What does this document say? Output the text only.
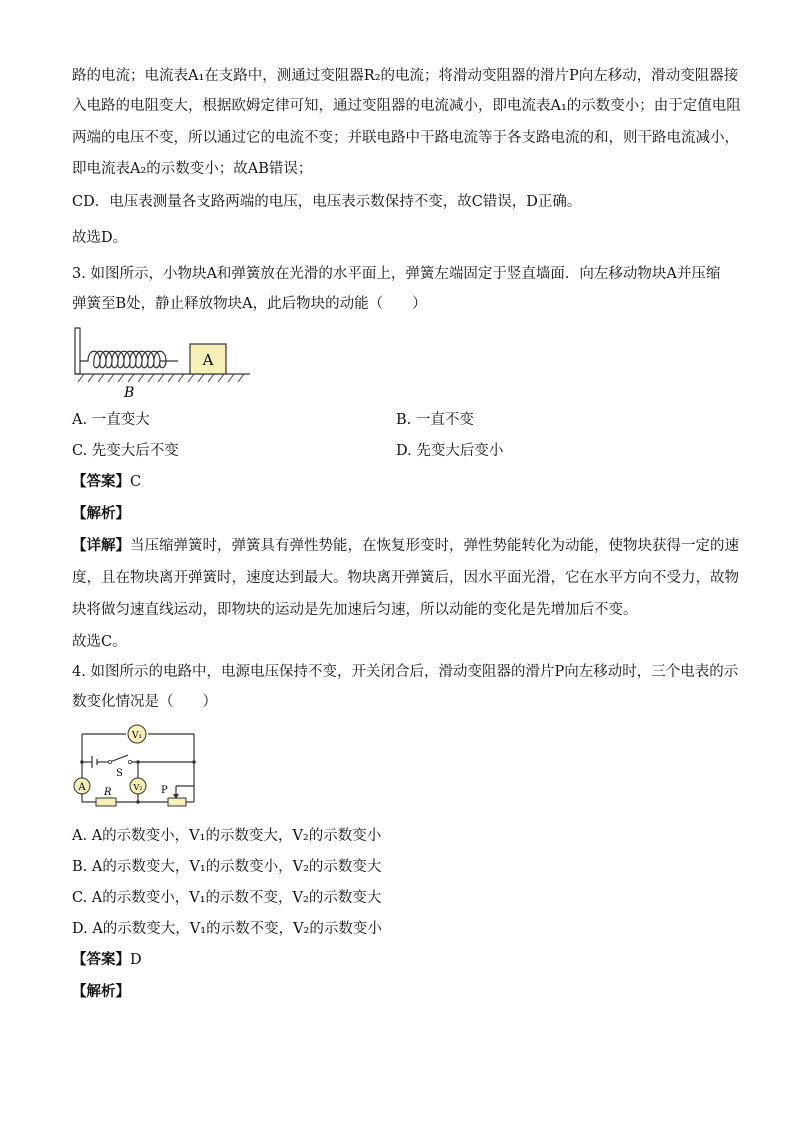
路的电流；电流表A₁在支路中，测通过变阻器R₂的电流；将滑动变阻器的滑片P向左移动，滑动变阻器接
入电路的电阻变大，根据欧姆定律可知，通过变阻器的电流减小，即电流表A₁的示数变小；由于定值电阻
两端的电压不变，所以通过它的电流不变；并联电路中干路电流等于各支路电流的和，则干路电流减小，
即电流表A₂的示数变小；故AB错误；
CD．电压表测量各支路两端的电压，电压表示数保持不变，故C错误，D正确。
故选D。
3. 如图所示，小物块A和弹簧放在光滑的水平面上，弹簧左端固定于竖直墙面．向左移动物块A并压缩
弹簧至B处，静止释放物块A，此后物块的动能（　　）
A
B
A. 一直变大	B. 一直不变
C. 先变大后不变	D. 先变大后变小
【答案】C
【解析】
【详解】当压缩弹簧时，弹簧具有弹性势能，在恢复形变时，弹性势能转化为动能，使物块获得一定的速
度，且在物块离开弹簧时，速度达到最大。物块离开弹簧后，因水平面光滑，它在水平方向不受力，故物
块将做匀速直线运动，即物块的运动是先加速后匀速，所以动能的变化是先增加后不变。
故选C。
4. 如图所示的电路中，电源电压保持不变，开关闭合后，滑动变阻器的滑片P向左移动时，三个电表的示
数变化情况是（　　）
V₁
A	V₂
S
R	P
A. A的示数变小，V₁的示数变大，V₂的示数变小
B. A的示数变大，V₁的示数变小，V₂的示数变大
C. A的示数变小，V₁的示数不变，V₂的示数变大
D. A的示数变大，V₁的示数不变，V₂的示数变小
【答案】D
【解析】
